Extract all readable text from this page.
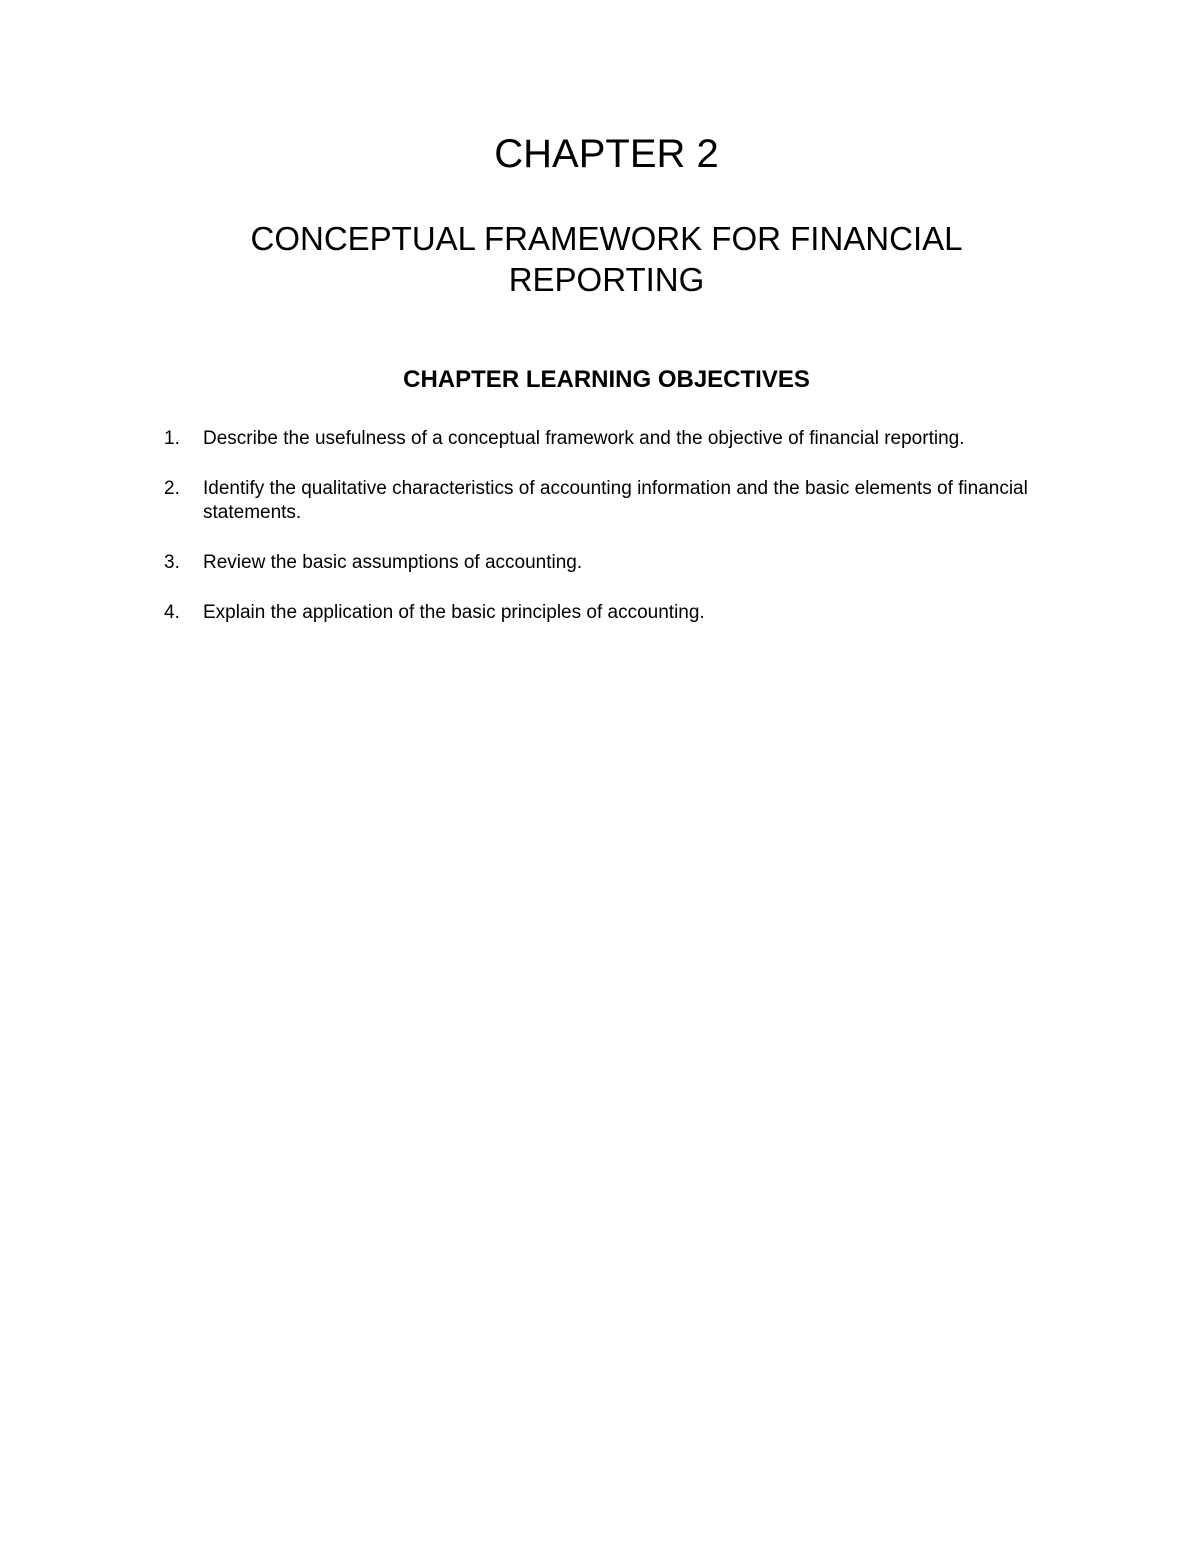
CHAPTER 2
CONCEPTUAL FRAMEWORK FOR FINANCIAL REPORTING
CHAPTER LEARNING OBJECTIVES
1. Describe the usefulness of a conceptual framework and the objective of financial reporting.
2. Identify the qualitative characteristics of accounting information and the basic elements of financial statements.
3. Review the basic assumptions of accounting.
4. Explain the application of the basic principles of accounting.
